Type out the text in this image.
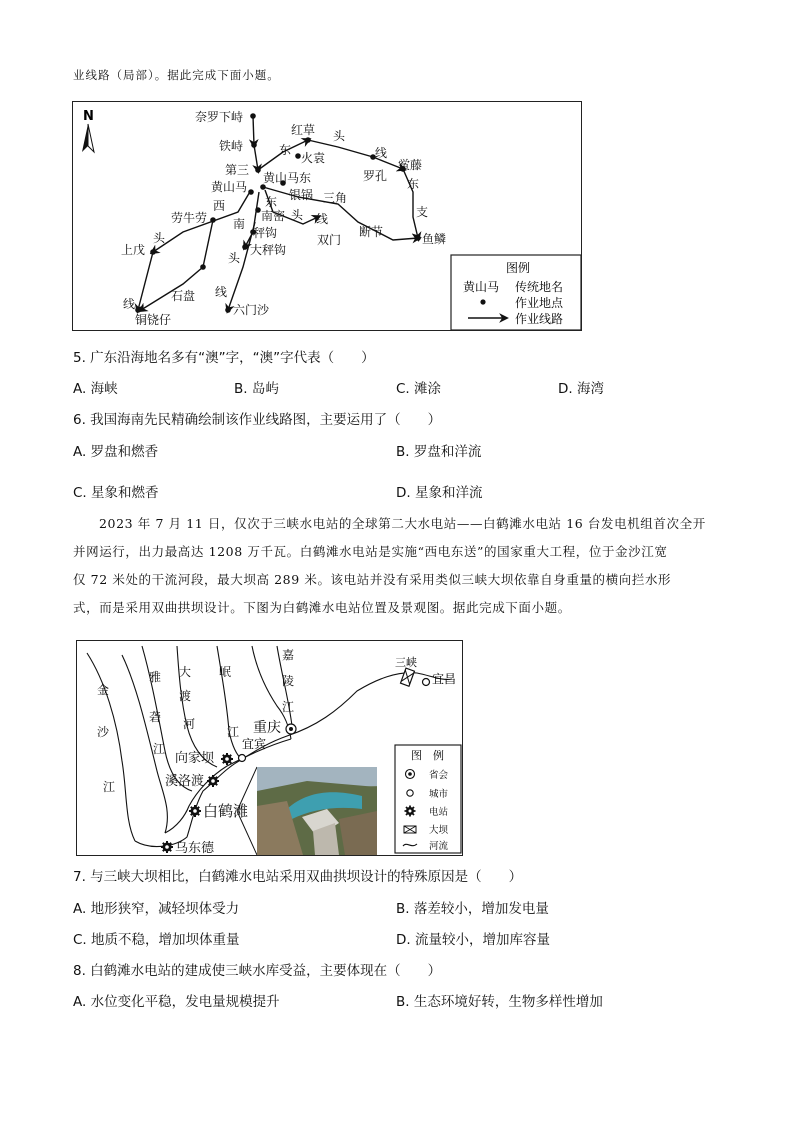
业线路（局部）。据此完成下面小题。
N	奈罗下峙
铁峙
红草 头
线
第三
东
火袁
黄山马东	罗孔
鲎藤
黄山马
银锅 三角
东
东
头
西
劳牛劳 南
南密	线	支
秤钩	双门
断节	鱼鳞
头
上戊	大秤钩
头
石盘 线
线
铜铙仔
六门沙
图例
黄山马 传统地名
作业地点
作业线路
5. 广东沿海地名多有“澳”字，“澳”字代表（　　）
A. 海峡	B. 岛屿	C. 滩涂	D. 海湾
6. 我国海南先民精确绘制该作业线路图，主要运用了（　　）
A. 罗盘和燃香	B. 罗盘和洋流
C. 星象和燃香	D. 星象和洋流
2023 年 7 月 11 日，仅次于三峡水电站的全球第二大水电站——白鹤滩水电站 16 台发电机组首次全开
并网运行，出力最高达 1208 万千瓦。白鹤滩水电站是实施“西电东送”的国家重大工程，位于金沙江宽
仅 72 米处的干流河段，最大坝高 289 米。该电站并没有采用类似三峡大坝依靠自身重量的横向拦水形
式，而是采用双曲拱坝设计。下图为白鹤滩水电站位置及景观图。据此完成下面小题。
金
沙
江
雅
砻
江
大
渡
河
岷
江
嘉
陵
江
三峡
宜昌
重庆
宜宾
向家坝
溪洛渡
白鹤滩
乌东德
图　例
省会
城市
电站
大坝
河流
7. 与三峡大坝相比，白鹤滩水电站采用双曲拱坝设计的特殊原因是（　　）
A. 地形狭窄，减轻坝体受力	B. 落差较小，增加发电量
C. 地质不稳，增加坝体重量	D. 流量较小，增加库容量
8. 白鹤滩水电站的建成使三峡水库受益，主要体现在（　　）
A. 水位变化平稳，发电量规模提升	B. 生态环境好转，生物多样性增加
